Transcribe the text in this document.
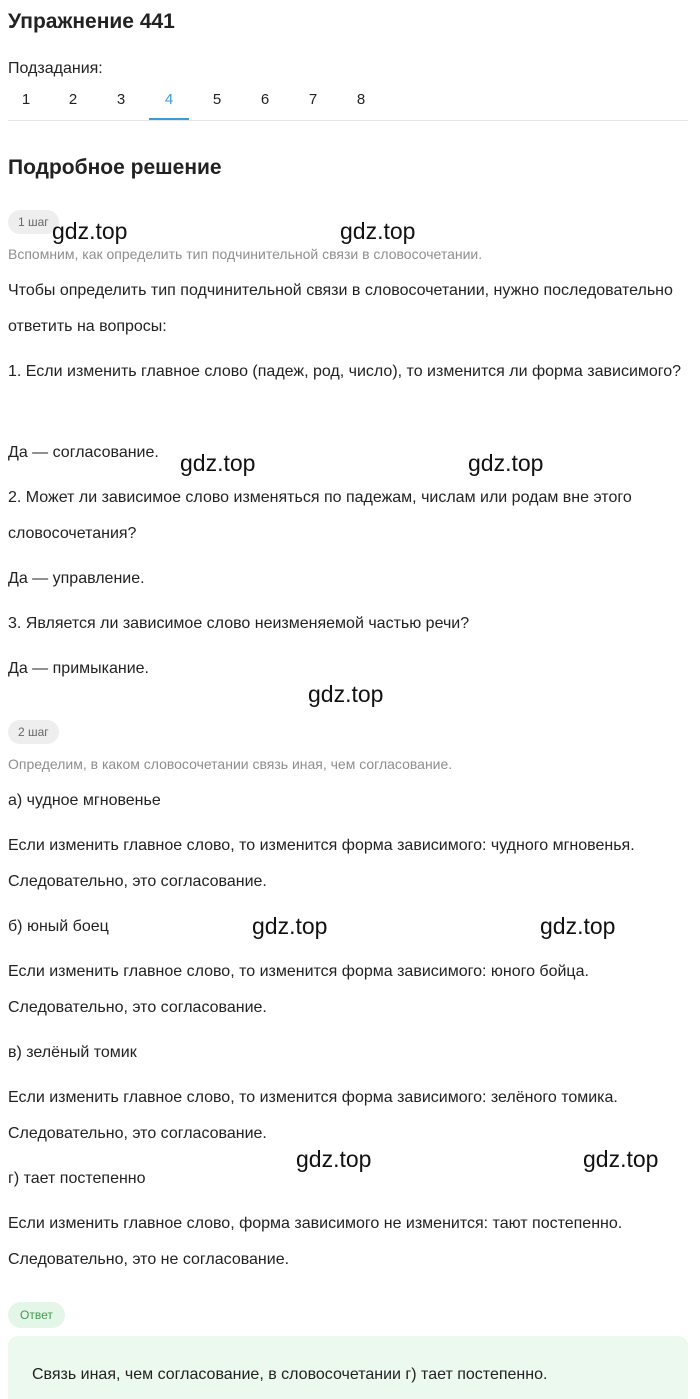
Упражнение 441
Подзадания:
1	2	3	4	5	6	7	8
Подробное решение
1 шаг
Вспомним, как определить тип подчинительной связи в словосочетании.
Чтобы определить тип подчинительной связи в словосочетании, нужно последовательно ответить на вопросы:
1. Если изменить главное слово (падеж, род, число), то изменится ли форма зависимого?
Да — согласование.
2. Может ли зависимое слово изменяться по падежам, числам или родам вне этого словосочетания?
Да — управление.
3. Является ли зависимое слово неизменяемой частью речи?
Да — примыкание.
2 шаг
Определим, в каком словосочетании связь иная, чем согласование.
а) чудное мгновенье
Если изменить главное слово, то изменится форма зависимого: чудного мгновенья. Следовательно, это согласование.
б) юный боец
Если изменить главное слово, то изменится форма зависимого: юного бойца. Следовательно, это согласование.
в) зелёный томик
Если изменить главное слово, то изменится форма зависимого: зелёного томика. Следовательно, это согласование.
г) тает постепенно
Если изменить главное слово, форма зависимого не изменится: тают постепенно. Следовательно, это не согласование.
Ответ
Связь иная, чем согласование, в словосочетании г) тает постепенно.
gdz.top	gdz.top
gdz.top	gdz.top
gdz.top
gdz.top	gdz.top
gdz.top	gdz.top
